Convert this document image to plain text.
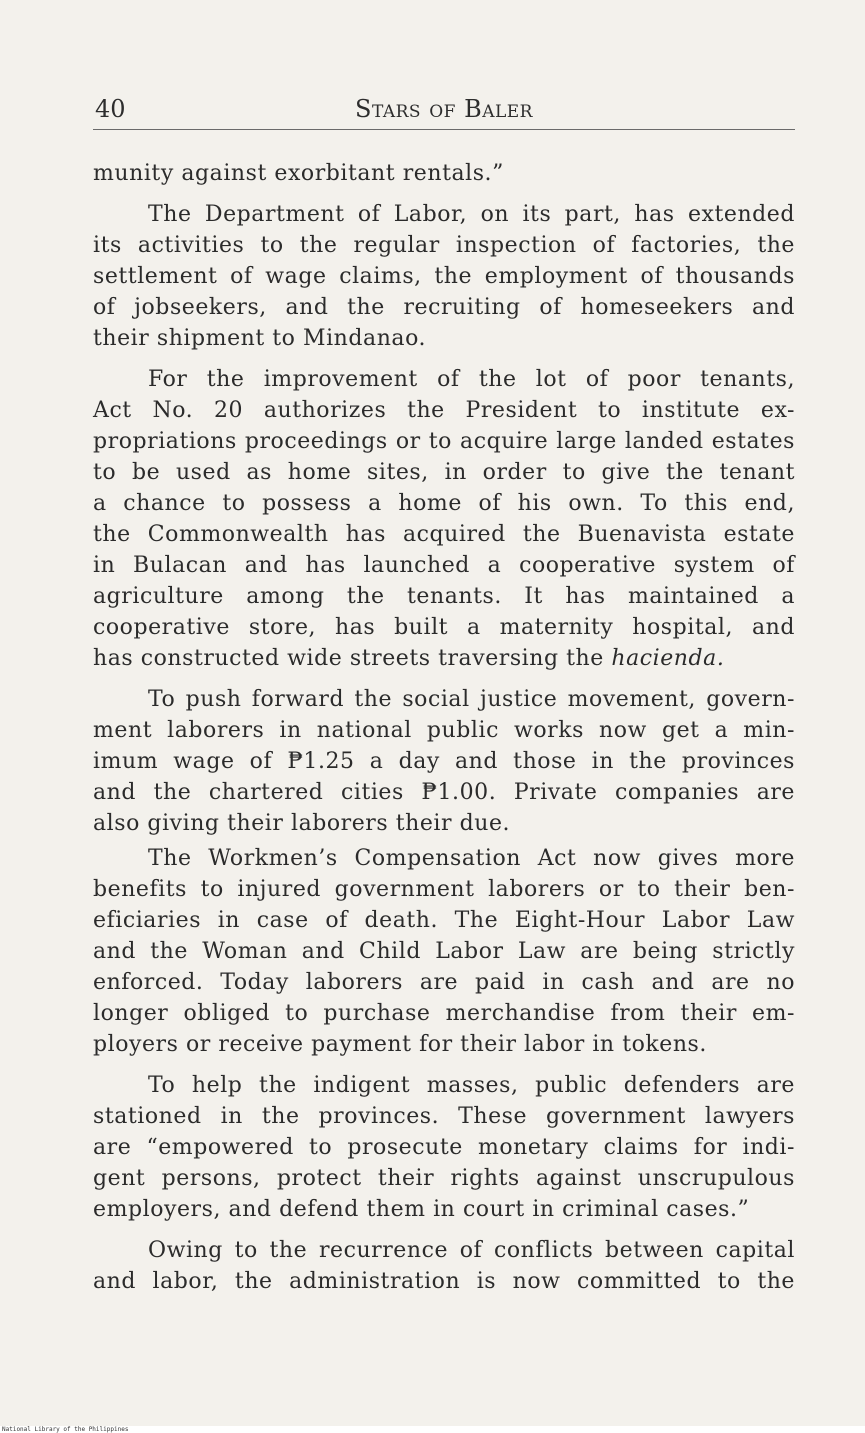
40	Stars of Baler
munity against exorbitant rentals.”
The Department of Labor, on its part, has extended
its activities to the regular inspection of factories, the
settlement of wage claims, the employment of thousands
of jobseekers, and the recruiting of homeseekers and
their shipment to Mindanao.
For the improvement of the lot of poor tenants,
Act No. 20 authorizes the President to institute ex-
propriations proceedings or to acquire large landed estates
to be used as home sites, in order to give the tenant
a chance to possess a home of his own. To this end,
the Commonwealth has acquired the Buenavista estate
in Bulacan and has launched a cooperative system of
agriculture among the tenants. It has maintained a
cooperative store, has built a maternity hospital, and
has constructed wide streets traversing the hacienda.
To push forward the social justice movement, govern-
ment laborers in national public works now get a min-
imum wage of ₱1.25 a day and those in the provinces
and the chartered cities ₱1.00. Private companies are
also giving their laborers their due.
The Workmen’s Compensation Act now gives more
benefits to injured government laborers or to their ben-
eficiaries in case of death. The Eight-Hour Labor Law
and the Woman and Child Labor Law are being strictly
enforced. Today laborers are paid in cash and are no
longer obliged to purchase merchandise from their em-
ployers or receive payment for their labor in tokens.
To help the indigent masses, public defenders are
stationed in the provinces. These government lawyers
are “empowered to prosecute monetary claims for indi-
gent persons, protect their rights against unscrupulous
employers, and defend them in court in criminal cases.”
Owing to the recurrence of conflicts between capital
and labor, the administration is now committed to the
National Library of the Philippines
